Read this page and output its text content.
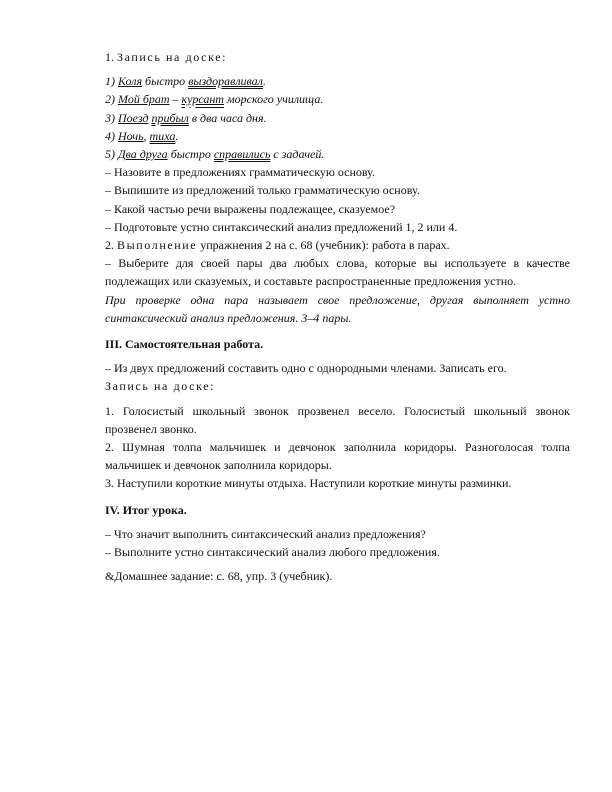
1. Запись на доске:
1) Коля быстро выздоравливал.
2) Мой брат – курсант морского училища.
3) Поезд прибыл в два часа дня.
4) Ночь, тиха.
5) Два друга быстро справились с задачей.
– Назовите в предложениях грамматическую основу.
– Выпишите из предложений только грамматическую основу.
– Какой частью речи выражены подлежащее, сказуемое?
– Подготовьте устно синтаксический анализ предложений 1, 2 или 4.
2. Выполнение упражнения 2 на с. 68 (учебник): работа в парах.
– Выберите для своей пары два любых слова, которые вы используете в качестве подлежащих или сказуемых, и составьте распространенные предложения устно.
При проверке одна пара называет свое предложение, другая выполняет устно синтаксический анализ предложения. 3–4 пары.
III. Самостоятельная работа.
– Из двух предложений составить одно с однородными членами. Записать его.
Запись на доске:
1. Голосистый школьный звонок прозвенел весело. Голосистый школьный звонок прозвенел звонко.
2. Шумная толпа мальчишек и девчонок заполнила коридоры. Разноголосая толпа мальчишек и девчонок заполнила коридоры.
3. Наступили короткие минуты отдыха. Наступили короткие минуты разминки.
IV. Итог урока.
– Что значит выполнить синтаксический анализ предложения?
– Выполните устно синтаксический анализ любого предложения.
&Домашнее задание: с. 68, упр. 3 (учебник).
